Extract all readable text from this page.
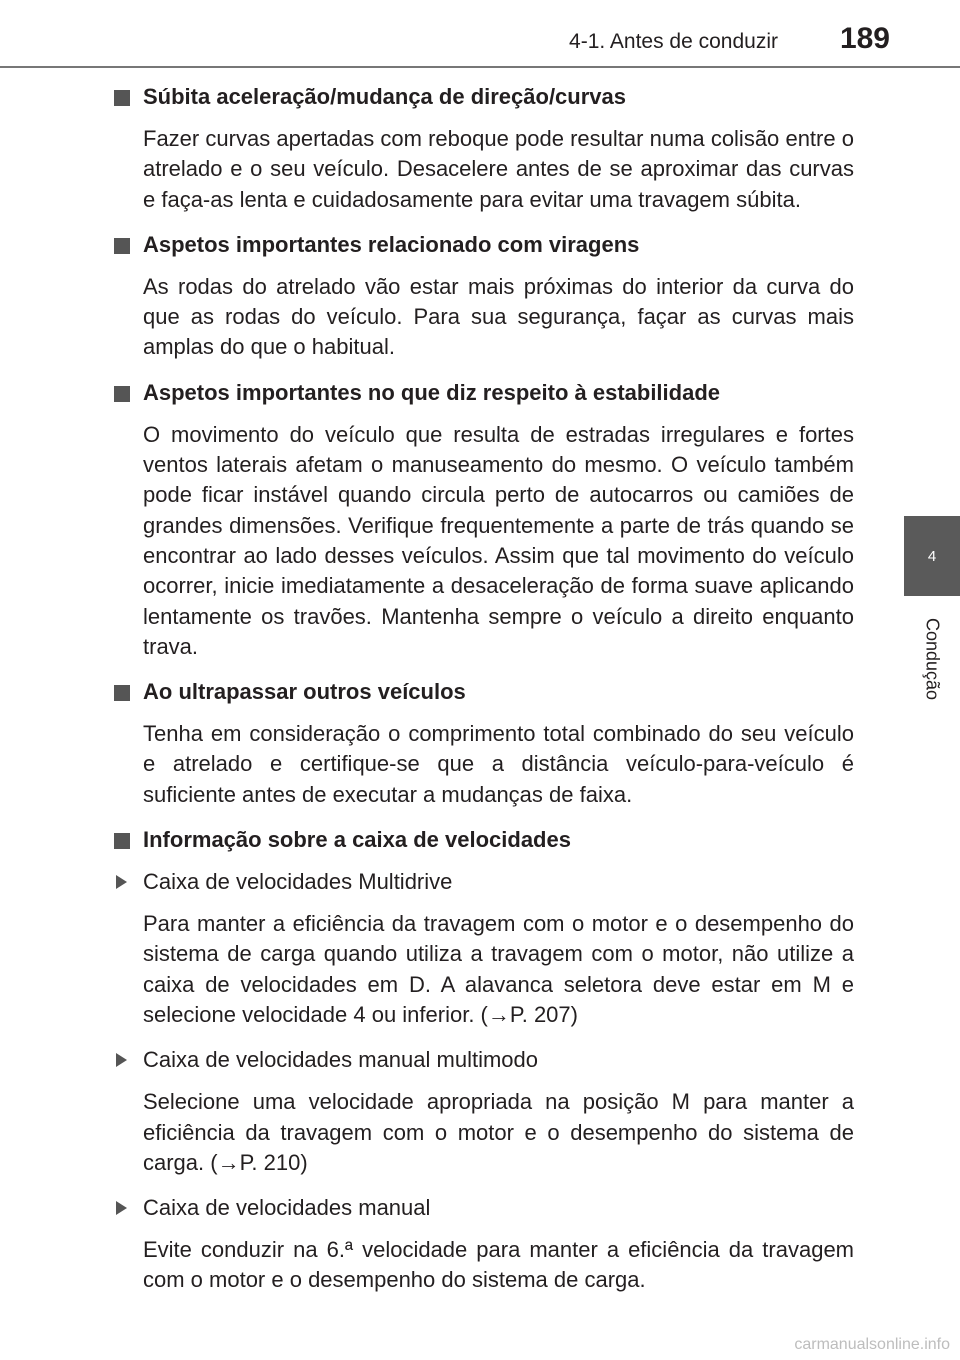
4-1. Antes de conduzir	189
4
Condução
Súbita aceleração/mudança de direção/curvas

Fazer curvas apertadas com reboque pode resultar numa colisão entre o atrelado e o seu veículo. Desacelere antes de se aproximar das curvas e faça-as lenta e cuidadosamente para evitar uma travagem súbita.

Aspetos importantes relacionado com viragens

As rodas do atrelado vão estar mais próximas do interior da curva do que as rodas do veículo. Para sua segurança, façar as curvas mais amplas do que o habitual.

Aspetos importantes no que diz respeito à estabilidade

O movimento do veículo que resulta de estradas irregulares e fortes ventos laterais afetam o manuseamento do mesmo. O veículo também pode ficar instável quando circula perto de autocarros ou camiões de grandes dimensões. Verifique frequentemente a parte de trás quando se encontrar ao lado desses veículos. Assim que tal movimento do veículo ocorrer, inicie imediatamente a desaceleração de forma suave aplicando lentamente os travões. Mantenha sempre o veículo a direito enquanto trava.

Ao ultrapassar outros veículos

Tenha em consideração o comprimento total combinado do seu veículo e atrelado e certifique-se que a distância veículo-para-veículo é suficiente antes de executar a mudanças de faixa.

Informação sobre a caixa de velocidades
Caixa de velocidades Multidrive

Para manter a eficiência da travagem com o motor e o desempenho do sistema de carga quando utiliza a travagem com o motor, não utilize a caixa de velocidades em D. A alavanca seletora deve estar em M e selecione velocidade 4 ou inferior. (→P. 207)

Caixa de velocidades manual multimodo

Selecione uma velocidade apropriada na posição M para manter a eficiência da travagem com o motor e o desempenho do sistema de carga. (→P. 210)

Caixa de velocidades manual

Evite conduzir na 6.ª velocidade para manter a eficiência da travagem com o motor e o desempenho do sistema de carga.

carmanualsonline.info
